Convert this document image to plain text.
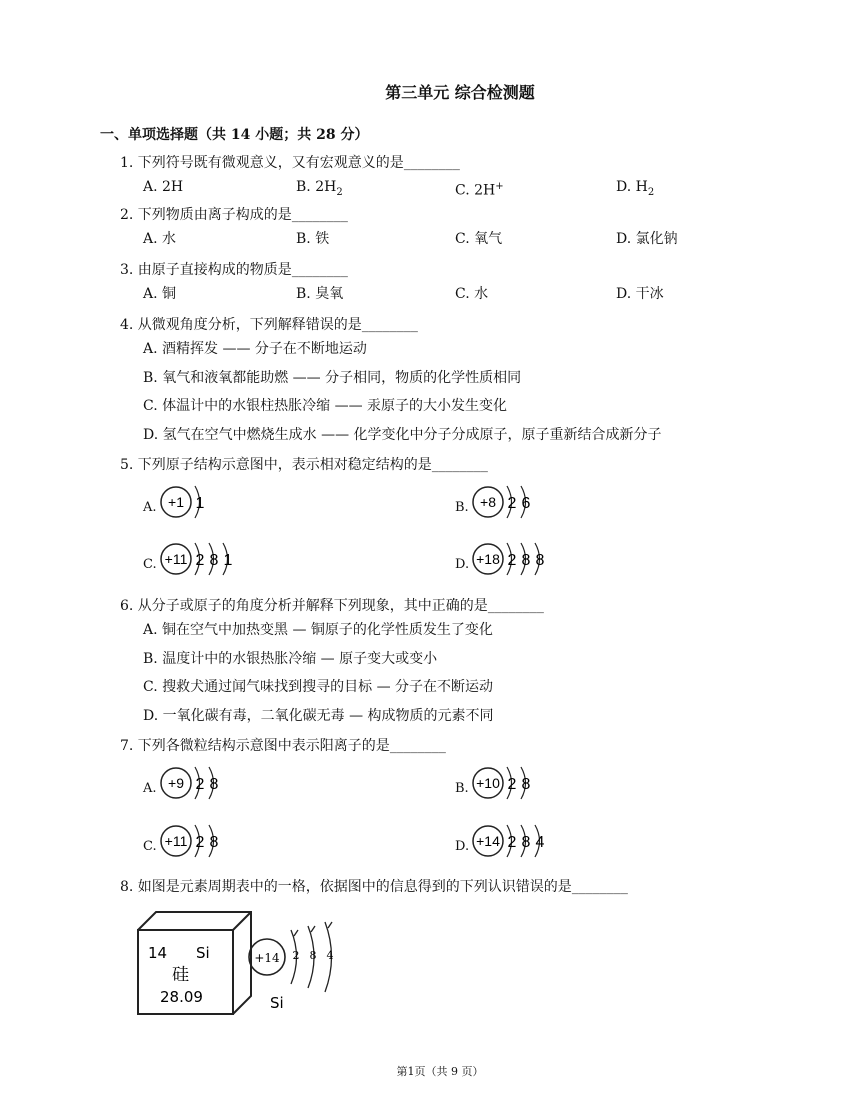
第三单元 综合检测题
一、单项选择题（共 14 小题；共 28 分）
1. 下列符号既有微观意义，又有宏观意义的是________
A. 2H	B. $2H_2$	C. 2H+	D. $H_2$
2. 下列物质由离子构成的是________
A. 水	B. 铁	C. 氧气	D. 氯化钠
3. 由原子直接构成的物质是________
A. 铜	B. 臭氧	C. 水	D. 干冰
4. 从微观角度分析，下列解释错误的是________
A. 酒精挥发 —— 分子在不断地运动
B. 氧气和液氧都能助燃 —— 分子相同，物质的化学性质相同
C. 体温计中的水银柱热胀冷缩 —— 汞原子的大小发生变化
D. 氢气在空气中燃烧生成水 —— 化学变化中分子分成原子，原子重新结合成新分子
5. 下列原子结构示意图中，表示相对稳定结构的是________
A. +1 1	B. +8 2 6
C. +11 2 8 1	D. +18 2 8 8
6. 从分子或原子的角度分析并解释下列现象，其中正确的是________
A. 铜在空气中加热变黑 — 铜原子的化学性质发生了变化
B. 温度计中的水银热胀冷缩 — 原子变大或变小
C. 搜救犬通过闻气味找到搜寻的目标 — 分子在不断运动
D. 一氧化碳有毒，二氧化碳无毒 — 构成物质的元素不同
7. 下列各微粒结构示意图中表示阳离子的是________
A. +9 2 8	B. +10 2 8
C. +11 2 8	D. +14 2 8 4
8. 如图是元素周期表中的一格，依据图中的信息得到的下列认识错误的是________
14 Si
硅
28.09
+14 2 8 4
Si
第1页（共 9 页）
